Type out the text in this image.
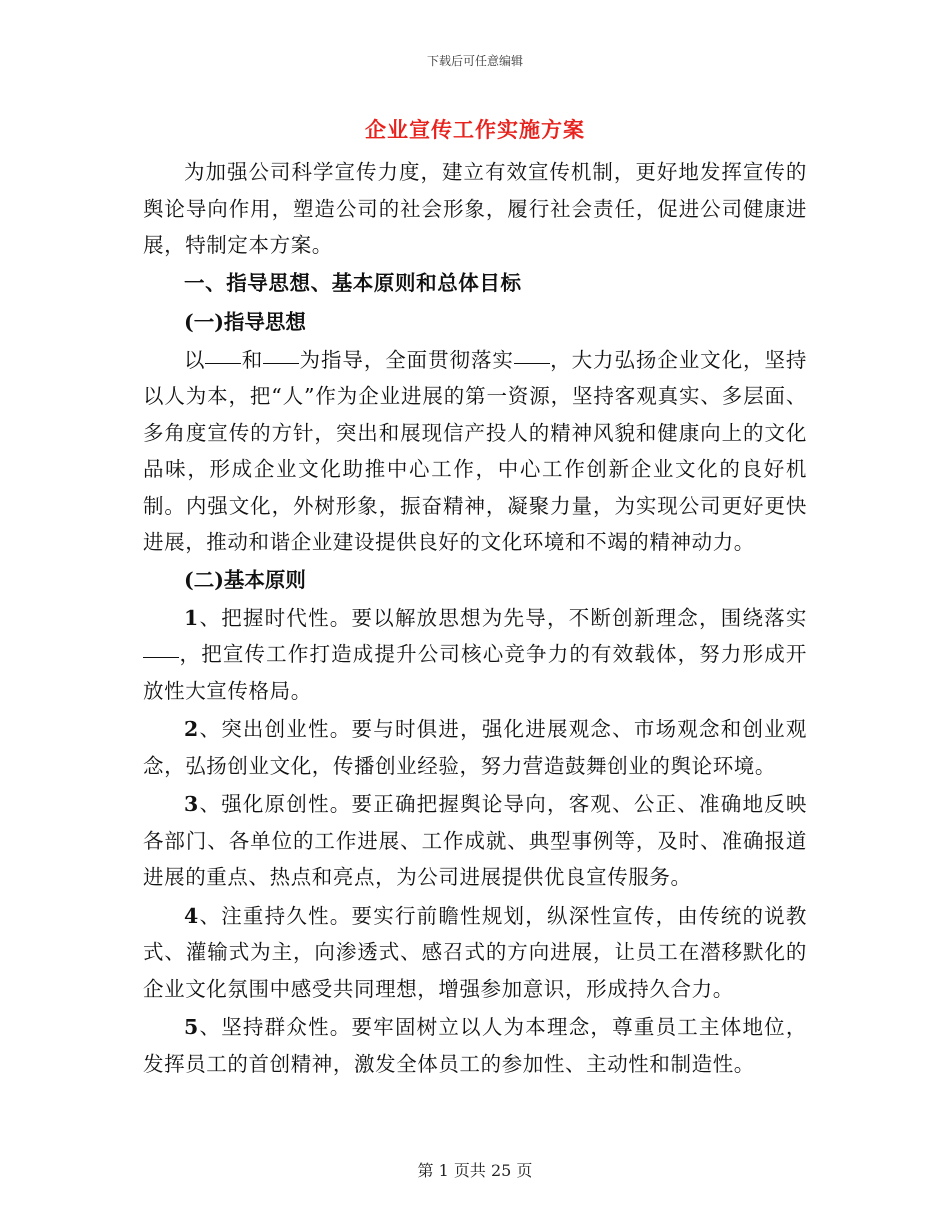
下载后可任意编辑
企业宣传工作实施方案

为加强公司科学宣传力度，建立有效宣传机制，更好地发挥宣传的舆论导向作用，塑造公司的社会形象，履行社会责任，促进公司健康进展，特制定本方案。

一、指导思想、基本原则和总体目标

(一)指导思想

以 和 为指导，全面贯彻落实 ，大力弘扬企业文化，坚持以人为本，把“人”作为企业进展的第一资源，坚持客观真实、多层面、多角度宣传的方针，突出和展现信产投人的精神风貌和健康向上的文化品味，形成企业文化助推中心工作，中心工作创新企业文化的良好机制。内强文化，外树形象，振奋精神，凝聚力量，为实现公司更好更快进展，推动和谐企业建设提供良好的文化环境和不竭的精神动力。

(二)基本原则

1、把握时代性。要以解放思想为先导，不断创新理念，围绕落实，把宣传工作打造成提升公司核心竞争力的有效载体，努力形成开放性大宣传格局。

2、突出创业性。要与时俱进，强化进展观念、市场观念和创业观念，弘扬创业文化，传播创业经验，努力营造鼓舞创业的舆论环境。

3、强化原创性。要正确把握舆论导向，客观、公正、准确地反映各部门、各单位的工作进展、工作成就、典型事例等，及时、准确报道进展的重点、热点和亮点，为公司进展提供优良宣传服务。

4、注重持久性。要实行前瞻性规划，纵深性宣传，由传统的说教式、灌输式为主，向渗透式、感召式的方向进展，让员工在潜移默化的企业文化氛围中感受共同理想，增强参加意识，形成持久合力。

5、坚持群众性。要牢固树立以人为本理念，尊重员工主体地位，发挥员工的首创精神，激发全体员工的参加性、主动性和制造性。

第 1 页共 25 页
